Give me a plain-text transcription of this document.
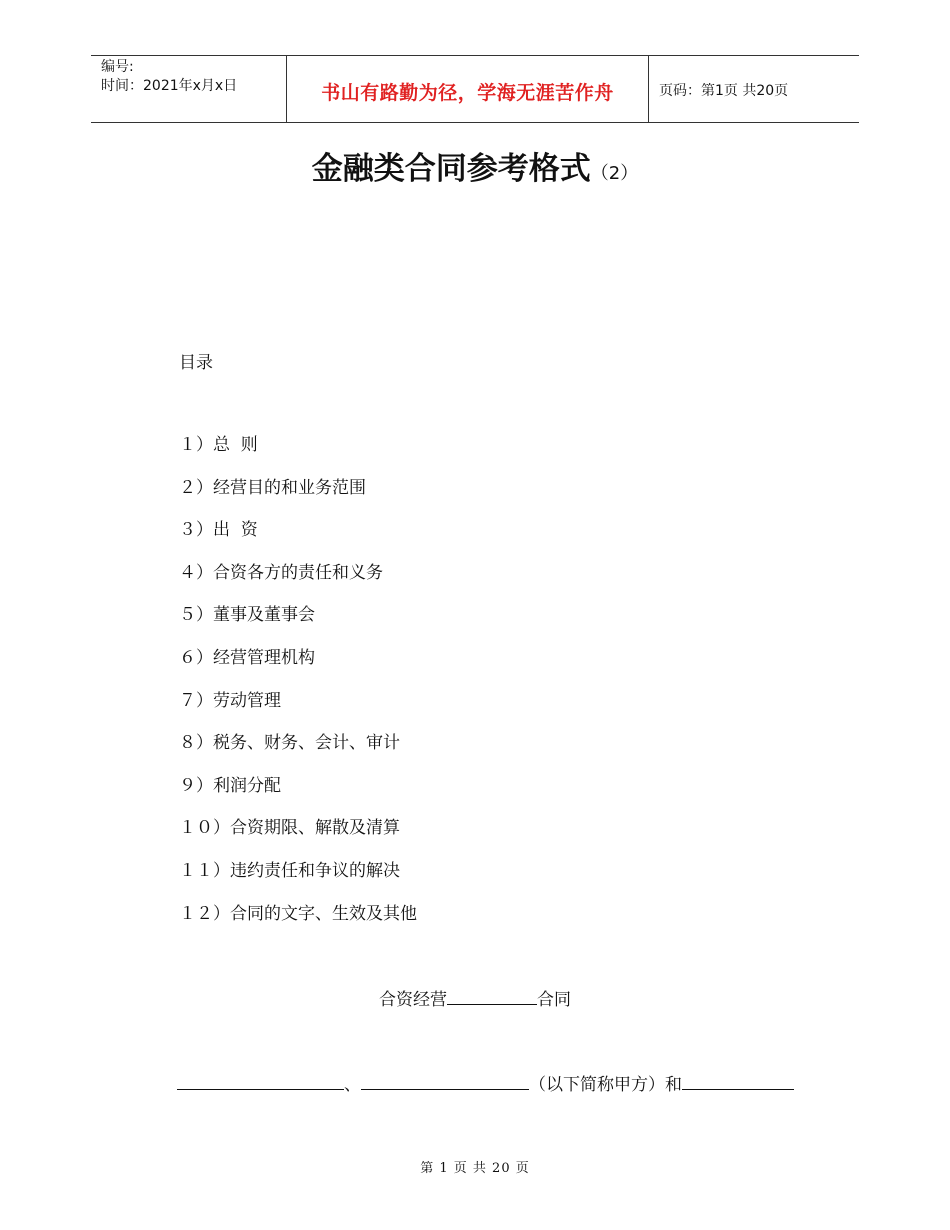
编号:
时间：2021年x月x日	书山有路勤为径，学海无涯苦作舟	页码：第1页 共20页
金融类合同参考格式（2）
目录
１）总  则
２）经营目的和业务范围
３）出  资
４）合资各方的责任和义务
５）董事及董事会
６）经营管理机构
７）劳动管理
８）税务、财务、会计、审计
９）利润分配
１０）合资期限、解散及清算
１１）违约责任和争议的解决
１２）合同的文字、生效及其他
合资经营	合同
、	（以下简称甲方）和
第 1 页 共 20 页
